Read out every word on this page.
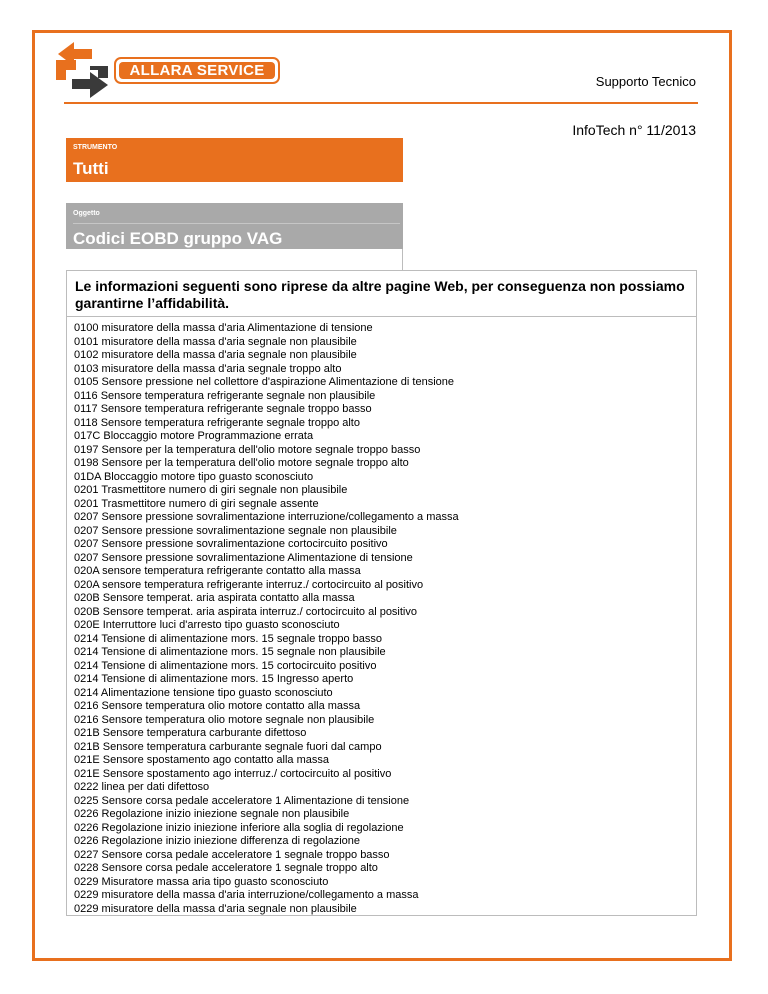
ALLARA SERVICE
Supporto Tecnico
InfoTech n° 11/2013
STRUMENTO
Tutti
Oggetto
Codici EOBD gruppo VAG
Le informazioni seguenti sono riprese da altre pagine Web, per conseguenza non possiamo garantirne l’affidabilità.
0100 misuratore della massa d'aria Alimentazione di tensione
0101 misuratore della massa d'aria segnale non plausibile
0102 misuratore della massa d'aria segnale non plausibile
0103 misuratore della massa d'aria segnale troppo alto
0105 Sensore pressione nel collettore d'aspirazione Alimentazione di tensione
0116 Sensore temperatura refrigerante segnale non plausibile
0117 Sensore temperatura refrigerante segnale troppo basso
0118 Sensore temperatura refrigerante segnale troppo alto
017C Bloccaggio motore Programmazione errata
0197 Sensore per la temperatura dell'olio motore segnale troppo basso
0198 Sensore per la temperatura dell'olio motore segnale troppo alto
01DA Bloccaggio motore tipo guasto sconosciuto
0201 Trasmettitore numero di giri segnale non plausibile
0201 Trasmettitore numero di giri segnale assente
0207 Sensore pressione sovralimentazione interruzione/collegamento a massa
0207 Sensore pressione sovralimentazione segnale non plausibile
0207 Sensore pressione sovralimentazione cortocircuito positivo
0207 Sensore pressione sovralimentazione Alimentazione di tensione
020A sensore temperatura refrigerante contatto alla massa
020A sensore temperatura refrigerante interruz./ cortocircuito al positivo
020B Sensore temperat. aria aspirata contatto alla massa
020B Sensore temperat. aria aspirata interruz./ cortocircuito al positivo
020E Interruttore luci d'arresto tipo guasto sconosciuto
0214 Tensione di alimentazione mors. 15 segnale troppo basso
0214 Tensione di alimentazione mors. 15 segnale non plausibile
0214 Tensione di alimentazione mors. 15 cortocircuito positivo
0214 Tensione di alimentazione mors. 15 Ingresso aperto
0214 Alimentazione tensione tipo guasto sconosciuto
0216 Sensore temperatura olio motore contatto alla massa
0216 Sensore temperatura olio motore segnale non plausibile
021B Sensore temperatura carburante difettoso
021B Sensore temperatura carburante segnale fuori dal campo
021E Sensore spostamento ago contatto alla massa
021E Sensore spostamento ago interruz./ cortocircuito al positivo
0222 linea per dati difettoso
0225 Sensore corsa pedale acceleratore 1 Alimentazione di tensione
0226 Regolazione inizio iniezione segnale non plausibile
0226 Regolazione inizio iniezione inferiore alla soglia di regolazione
0226 Regolazione inizio iniezione differenza di regolazione
0227 Sensore corsa pedale acceleratore 1 segnale troppo basso
0228 Sensore corsa pedale acceleratore 1 segnale troppo alto
0229 Misuratore massa aria tipo guasto sconosciuto
0229 misuratore della massa d'aria interruzione/collegamento a massa
0229 misuratore della massa d'aria segnale non plausibile
